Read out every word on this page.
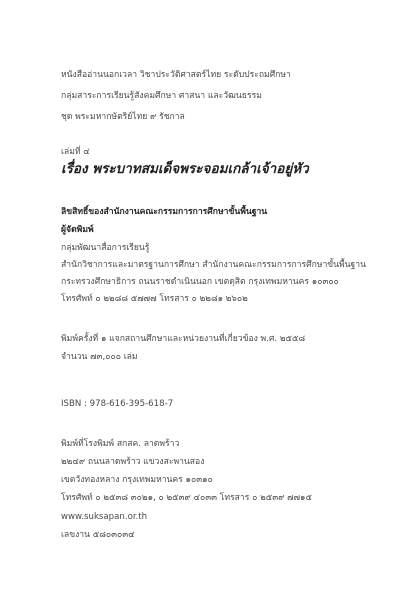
หนังสืออ่านนอกเวลา วิชาประวัติศาสตร์ไทย ระดับประถมศึกษา
กลุ่มสาระการเรียนรู้สังคมศึกษา ศาสนา และวัฒนธรรม
ชุด พระมหากษัตริย์ไทย ๙ รัชกาล
เล่มที่ ๔
เรื่อง พระบาทสมเด็จพระจอมเกล้าเจ้าอยู่หัว
ลิขสิทธิ์ของสำนักงานคณะกรรมการการศึกษาขั้นพื้นฐาน
ผู้จัดพิมพ์
กลุ่มพัฒนาสื่อการเรียนรู้
สำนักวิชาการและมาตรฐานการศึกษา สำนักงานคณะกรรมการการศึกษาขั้นพื้นฐาน
กระทรวงศึกษาธิการ ถนนราชดำเนินนอก เขตดุสิต กรุงเทพมหานคร ๑๐๓๐๐
โทรศัพท์ ๐ ๒๒๘๘ ๕๗๗๗ โทรสาร ๐ ๒๒๘๑ ๒๖๐๒
พิมพ์ครั้งที่ ๑ แจกสถานศึกษาและหน่วยงานที่เกี่ยวข้อง พ.ศ. ๒๕๕๘
จำนวน ๗๓,๐๐๐ เล่ม
ISBN : 978-616-395-618-7
พิมพ์ที่โรงพิมพ์ สกสค. ลาดพร้าว
๒๒๔๙ ถนนลาดพร้าว แขวงสะพานสอง
เขตวังทองหลาง กรุงเทพมหานคร ๑๐๓๑๐
โทรศัพท์ ๐ ๒๕๓๘ ๓๐๒๑, ๐ ๒๕๓๙ ๔๐๓๓ โทรสาร ๐ ๒๕๓๙ ๗๗๑๕
www.suksapan.or.th
เลขงาน ๕๘๐๓๐๓๔
